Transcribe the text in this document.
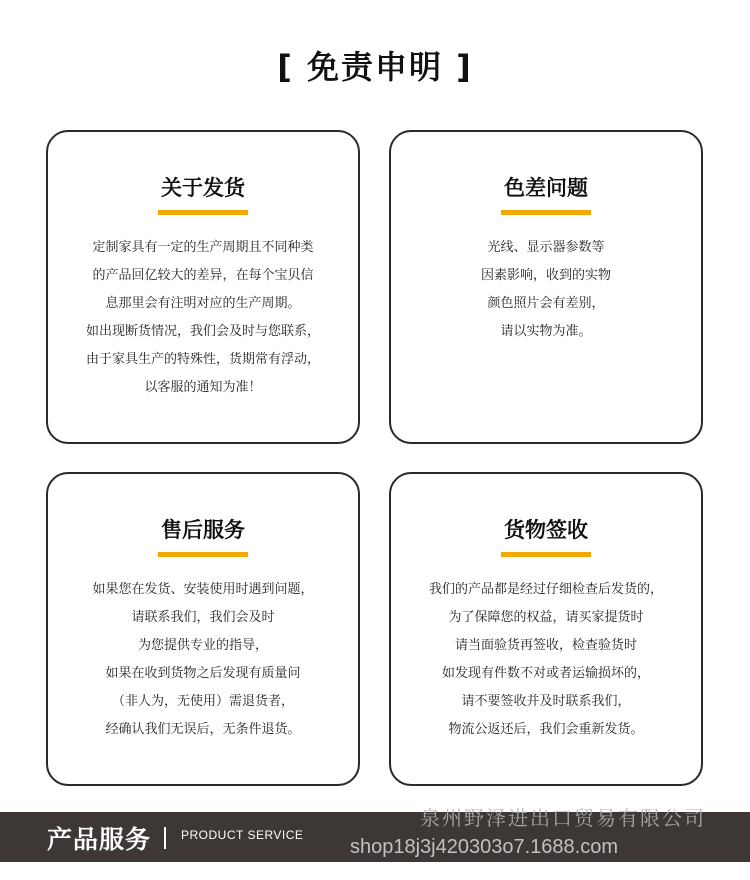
[ 免责申明 ]
关于发货
定制家具有一定的生产周期且不同种类
的产品回亿较大的差异，在每个宝贝信
息那里会有注明对应的生产周期。
如出现断货情况，我们会及时与您联系，
由于家具生产的特殊性，货期常有浮动，
以客服的通知为准！
色差问题
光线、显示器参数等
因素影响，收到的实物
颜色照片会有差别，
请以实物为准。
售后服务
如果您在发货、安装使用时遇到问题，
请联系我们，我们会及时
为您提供专业的指导，
如果在收到货物之后发现有质量问
（非人为，无使用）需退货者，
经确认我们无误后，无条件退货。
货物签收
我们的产品都是经过仔细检查后发货的，
为了保障您的权益，请买家提货时
请当面验货再签收，检查验货时
如发现有件数不对或者运输损坏的，
请不要签收并及时联系我们，
物流公返还后，我们会重新发货。
产品服务 PRODUCT SERVICE
泉州野泽进出口贸易有限公司
shop18j3j420303o7.1688.com
